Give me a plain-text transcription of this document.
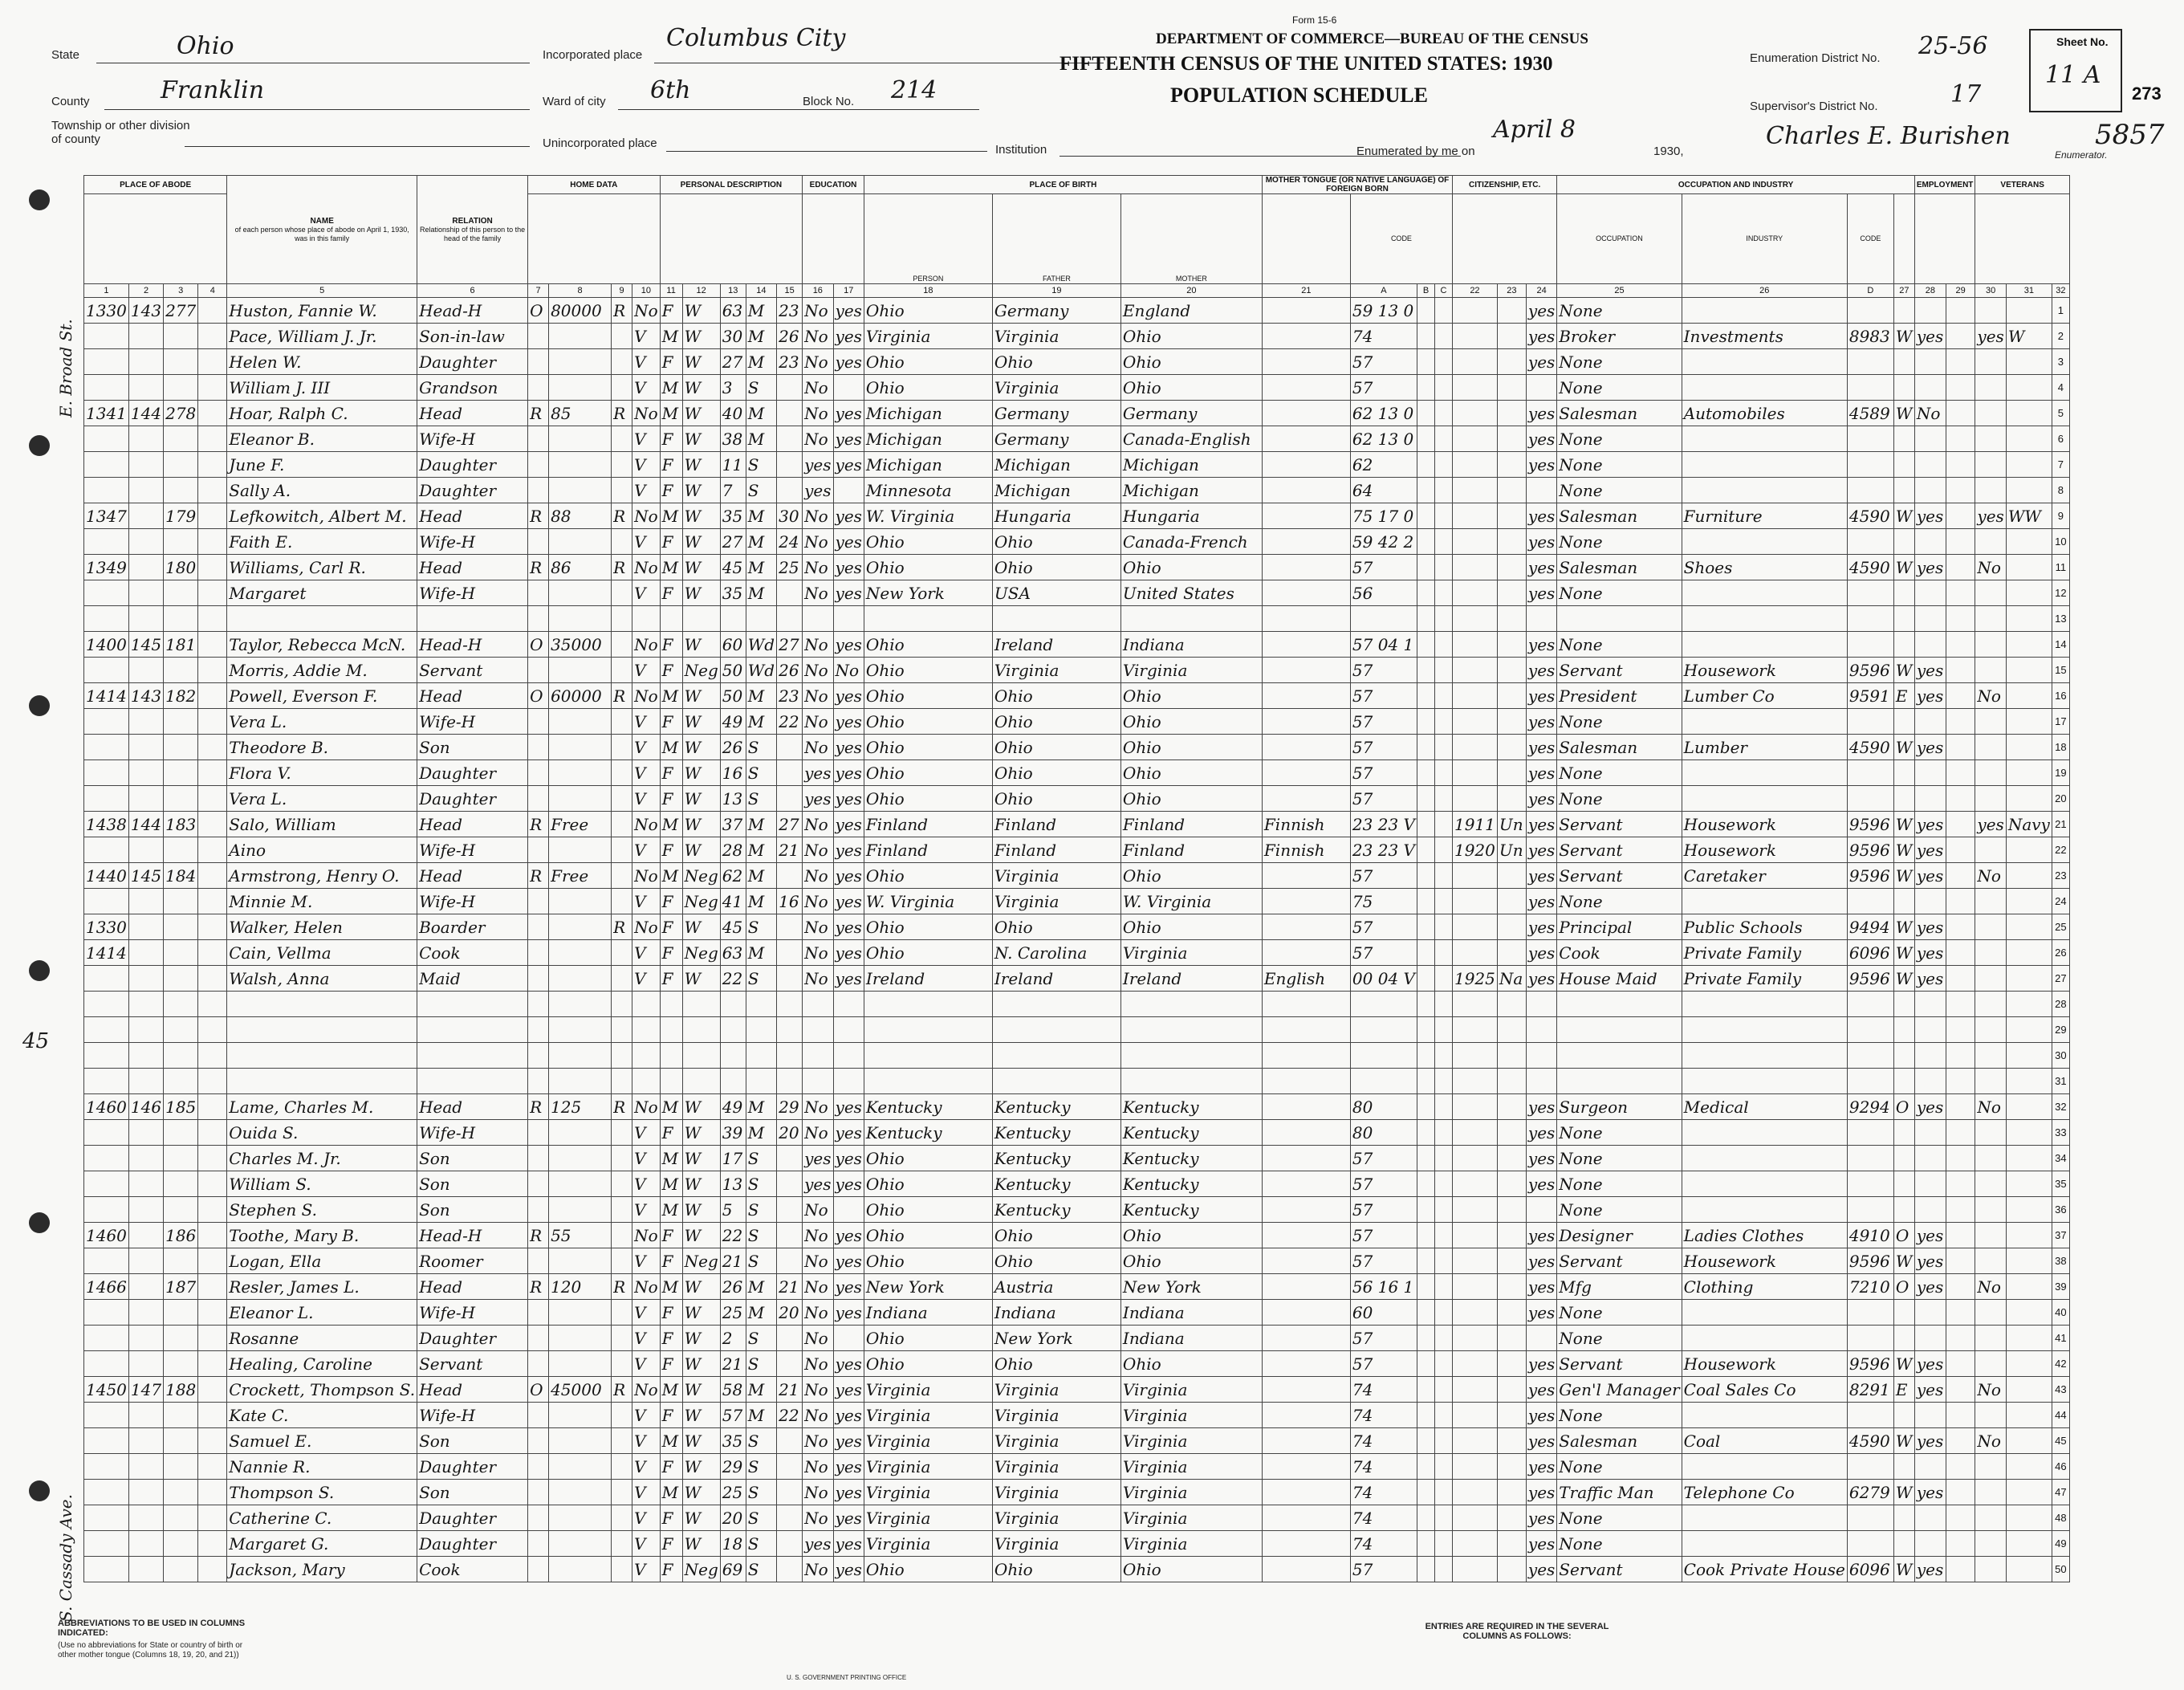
State	Ohio
County	Franklin
Township or other division of county
Incorporated place
Columbus City
Ward of city 6th	Block No. 214
Unincorporated place	Institution
Form 15-6
DEPARTMENT OF COMMERCE—BUREAU OF THE CENSUS
FIFTEENTH CENSUS OF THE UNITED STATES: 1930
POPULATION SCHEDULE
Enumeration District No. 25-56
Supervisor's District No.	17
Enumerated by me on
April 8
1930,
Charles E. Burishen
Enumerator.
Sheet No.
11 A
273
5857
PLACE OF ABODE				NAME
of each person whose place of abode on April 1, 1930, was in this family	RELATION
Relationship of this person to the head of the family	HOME DATA				PERSONAL DESCRIPTION					EDUCATION		PLACE OF BIRTH			MOTHER TONGUE (OR NATIVE LANGUAGE) OF FOREIGN BORN				CITIZENSHIP, ETC.			OCCUPATION AND INDUSTRY				EMPLOYMENT		VETERANS		
																	PERSON	FATHER	MOTHER		CODE						OCCUPATION	INDUSTRY	CODE						
1	2	3	4	5	6	7	8	9	10	11	12	13	14	15	16	17	18	19	20	21	A	B	C	22	23	24	25	26	D	27	28	29	30	31	32
1330	143	277		Huston, Fannie W.	Head-H	O	80000	R	No	F	W	63	M	23	No	yes	Ohio	Germany	England		59 13 0					yes	None								1
				Pace, William J. Jr.	Son-in-law				V	M	W	30	M	26	No	yes	Virginia	Virginia	Ohio		74					yes	Broker	Investments	8983	W	yes		yes	W	2
				Helen W.	Daughter				V	F	W	27	M	23	No	yes	Ohio	Ohio	Ohio		57					yes	None								3
				William J. III	Grandson				V	M	W	3	S		No		Ohio	Virginia	Ohio		57						None								4
1341	144	278		Hoar, Ralph C.	Head	R	85	R	No	M	W	40	M		No	yes	Michigan	Germany	Germany		62 13 0					yes	Salesman	Automobiles	4589	W	No				5
				Eleanor B.	Wife-H				V	F	W	38	M		No	yes	Michigan	Germany	Canada-English		62 13 0					yes	None								6
				June F.	Daughter				V	F	W	11	S		yes	yes	Michigan	Michigan	Michigan		62					yes	None								7
				Sally A.	Daughter				V	F	W	7	S		yes		Minnesota	Michigan	Michigan		64						None								8
1347		179		Lefkowitch, Albert M.	Head	R	88	R	No	M	W	35	M	30	No	yes	W. Virginia	Hungaria	Hungaria		75 17 0					yes	Salesman	Furniture	4590	W	yes		yes	WW	9
				Faith E.	Wife-H				V	F	W	27	M	24	No	yes	Ohio	Ohio	Canada-French		59 42 2					yes	None								10
1349		180		Williams, Carl R.	Head	R	86	R	No	M	W	45	M	25	No	yes	Ohio	Ohio	Ohio		57					yes	Salesman	Shoes	4590	W	yes		No		11
				Margaret	Wife-H				V	F	W	35	M		No	yes	New York	USA	United States		56					yes	None								12
																																			13
1400	145	181		Taylor, Rebecca McN.	Head-H	O	35000		No	F	W	60	Wd	27	No	yes	Ohio	Ireland	Indiana		57 04 1					yes	None								14
				Morris, Addie M.	Servant				V	F	Neg	50	Wd	26	No	No	Ohio	Virginia	Virginia		57					yes	Servant	Housework	9596	W	yes				15
1414	143	182		Powell, Everson F.	Head	O	60000	R	No	M	W	50	M	23	No	yes	Ohio	Ohio	Ohio		57					yes	President	Lumber Co	9591	E	yes		No		16
				Vera L.	Wife-H				V	F	W	49	M	22	No	yes	Ohio	Ohio	Ohio		57					yes	None								17
				Theodore B.	Son				V	M	W	26	S		No	yes	Ohio	Ohio	Ohio		57					yes	Salesman	Lumber	4590	W	yes				18
				Flora V.	Daughter				V	F	W	16	S		yes	yes	Ohio	Ohio	Ohio		57					yes	None								19
				Vera L.	Daughter				V	F	W	13	S		yes	yes	Ohio	Ohio	Ohio		57					yes	None								20
1438	144	183		Salo, William	Head	R	Free		No	M	W	37	M	27	No	yes	Finland	Finland	Finland	Finnish	23 23 V			1911	Un	yes	Servant	Housework	9596	W	yes		yes	Navy	21
				Aino	Wife-H				V	F	W	28	M	21	No	yes	Finland	Finland	Finland	Finnish	23 23 V			1920	Un	yes	Servant	Housework	9596	W	yes				22
1440	145	184		Armstrong, Henry O.	Head	R	Free		No	M	Neg	62	M		No	yes	Ohio	Virginia	Ohio		57					yes	Servant	Caretaker	9596	W	yes		No		23
				Minnie M.	Wife-H				V	F	Neg	41	M	16	No	yes	W. Virginia	Virginia	W. Virginia		75					yes	None								24
1330				Walker, Helen	Boarder			R	No	F	W	45	S		No	yes	Ohio	Ohio	Ohio		57					yes	Principal	Public Schools	9494	W	yes				25
1414				Cain, Vellma	Cook				V	F	Neg	63	M		No	yes	Ohio	N. Carolina	Virginia		57					yes	Cook	Private Family	6096	W	yes				26
				Walsh, Anna	Maid				V	F	W	22	S		No	yes	Ireland	Ireland	Ireland	English	00 04 V			1925	Na	yes	House Maid	Private Family	9596	W	yes				27
																																			28
																																			29
																																			30
																																			31
1460	146	185		Lame, Charles M.	Head	R	125	R	No	M	W	49	M	29	No	yes	Kentucky	Kentucky	Kentucky		80					yes	Surgeon	Medical	9294	O	yes		No		32
				Ouida S.	Wife-H				V	F	W	39	M	20	No	yes	Kentucky	Kentucky	Kentucky		80					yes	None								33
				Charles M. Jr.	Son				V	M	W	17	S		yes	yes	Ohio	Kentucky	Kentucky		57					yes	None								34
				William S.	Son				V	M	W	13	S		yes	yes	Ohio	Kentucky	Kentucky		57					yes	None								35
				Stephen S.	Son				V	M	W	5	S		No		Ohio	Kentucky	Kentucky		57						None								36
1460		186		Toothe, Mary B.	Head-H	R	55		No	F	W	22	S		No	yes	Ohio	Ohio	Ohio		57					yes	Designer	Ladies Clothes	4910	O	yes				37
				Logan, Ella	Roomer				V	F	Neg	21	S		No	yes	Ohio	Ohio	Ohio		57					yes	Servant	Housework	9596	W	yes				38
1466		187		Resler, James L.	Head	R	120	R	No	M	W	26	M	21	No	yes	New York	Austria	New York		56 16 1					yes	Mfg	Clothing	7210	O	yes		No		39
				Eleanor L.	Wife-H				V	F	W	25	M	20	No	yes	Indiana	Indiana	Indiana		60					yes	None								40
				Rosanne	Daughter				V	F	W	2	S		No		Ohio	New York	Indiana		57						None								41
				Healing, Caroline	Servant				V	F	W	21	S		No	yes	Ohio	Ohio	Ohio		57					yes	Servant	Housework	9596	W	yes				42
1450	147	188		Crockett, Thompson S.	Head	O	45000	R	No	M	W	58	M	21	No	yes	Virginia	Virginia	Virginia		74					yes	Gen'l Manager	Coal Sales Co	8291	E	yes		No		43
				Kate C.	Wife-H				V	F	W	57	M	22	No	yes	Virginia	Virginia	Virginia		74					yes	None								44
				Samuel E.	Son				V	M	W	35	S		No	yes	Virginia	Virginia	Virginia		74					yes	Salesman	Coal	4590	W	yes		No		45
				Nannie R.	Daughter				V	F	W	29	S		No	yes	Virginia	Virginia	Virginia		74					yes	None								46
				Thompson S.	Son				V	M	W	25	S		No	yes	Virginia	Virginia	Virginia		74					yes	Traffic Man	Telephone Co	6279	W	yes				47
				Catherine C.	Daughter				V	F	W	20	S		No	yes	Virginia	Virginia	Virginia		74					yes	None								48
				Margaret G.	Daughter				V	F	W	18	S		yes	yes	Virginia	Virginia	Virginia		74					yes	None								49
				Jackson, Mary	Cook				V	F	Neg	69	S		No	yes	Ohio	Ohio	Ohio		57					yes	Servant	Cook Private House	6096	W	yes				50
E. Broad St.
S. Cassady Ave.
45
ABBREVIATIONS TO BE USED IN COLUMNS INDICATED:
(Use no abbreviations for State or country of birth or other mother tongue (Columns 18, 19, 20, and 21))
ENTRIES ARE REQUIRED IN THE SEVERAL COLUMNS AS FOLLOWS:
U. S. GOVERNMENT PRINTING OFFICE
